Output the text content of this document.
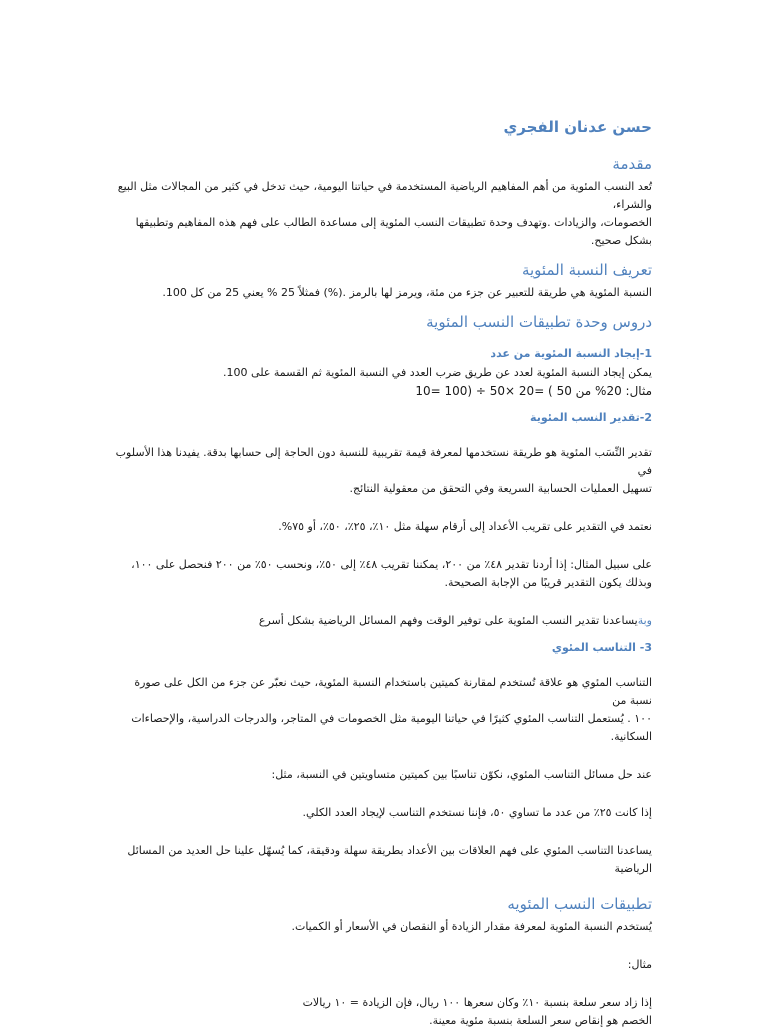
حسن عدنان الفجري
مقدمة

تُعد النسب المئوية من أهم المفاهيم الرياضية المستخدمة في حياتنا اليومية، حيث تدخل في كثير من المجالات مثل البيع والشراء،

الخصومات، والزيادات .وتهدف وحدة تطبيقات النسب المئوية إلى مساعدة الطالب على فهم هذه المفاهيم وتطبيقها بشكل صحيح.

تعريف النسبة المئوية

النسبة المئوية هي طريقة للتعبير عن جزء من مئة، ويرمز لها بالرمز .(%) فمثلاً 25 % يعني 25 من كل 100.

دروس وحدة تطبيقات النسب المئوية
1-إيجاد النسبة المئوية من عدد

يمكن إيجاد النسبة المئوية لعدد عن طريق ضرب العدد في النسبة المئوية ثم القسمة على 100.

مثال: 20% من 50 ) =20 ×50 ÷ (100 =10

2-تقدير النسب المئوية

تقدير النِّسَب المئوية هو طريقة نستخدمها لمعرفة قيمة تقريبية للنسبة دون الحاجة إلى حسابها بدقة. يفيدنا هذا الأسلوب في

تسهيل العمليات الحسابية السريعة وفي التحقق من معقولية النتائج.

نعتمد في التقدير على تقريب الأعداد إلى أرقام سهلة مثل ١٠٪، ٢٥٪، ٥٠٪، أو ٧٥%.

على سبيل المثال: إذا أردنا تقدير ٤٨٪ من ٢٠٠، يمكننا تقريب ٤٨٪ إلى ٥٠٪، ونحسب ٥٠٪ من ٢٠٠ فنحصل على ١٠٠،

وبذلك يكون التقدير قريبًا من الإجابة الصحيحة.

وبةيساعدنا تقدير النسب المئوية على توفير الوقت وفهم المسائل الرياضية بشكل أسرع

3- التناسب المئوي

التناسب المئوي هو علاقة تُستخدم لمقارنة كميتين باستخدام النسبة المئوية، حيث نعبّر عن جزء من الكل على صورة نسبة من

١٠٠ . يُستعمل التناسب المئوي كثيرًا في حياتنا اليومية مثل الخصومات في المتاجر، والدرجات الدراسية، والإحصاءات

السكانية.

عند حل مسائل التناسب المئوي، نكوّن تناسبًا بين كميتين متساويتين في النسبة، مثل:

إذا كانت ٢٥٪ من عدد ما تساوي ٥٠، فإننا نستخدم التناسب لإيجاد العدد الكلي.

يساعدنا التناسب المئوي على فهم العلاقات بين الأعداد بطريقة سهلة ودقيقة، كما يُسهّل علينا حل العديد من المسائل الرياضية

تطبيقات النسب المئويه

يُستخدم النسبة المئوية لمعرفة مقدار الزيادة أو النقصان في الأسعار أو الكميات.

مثال:

إذا زاد سعر سلعة بنسبة ١٠٪ وكان سعرها ١٠٠ ريال، فإن الزيادة = ١٠ ريالات

الخصم هو إنقاص سعر السلعة بنسبة مئوية معينة.
